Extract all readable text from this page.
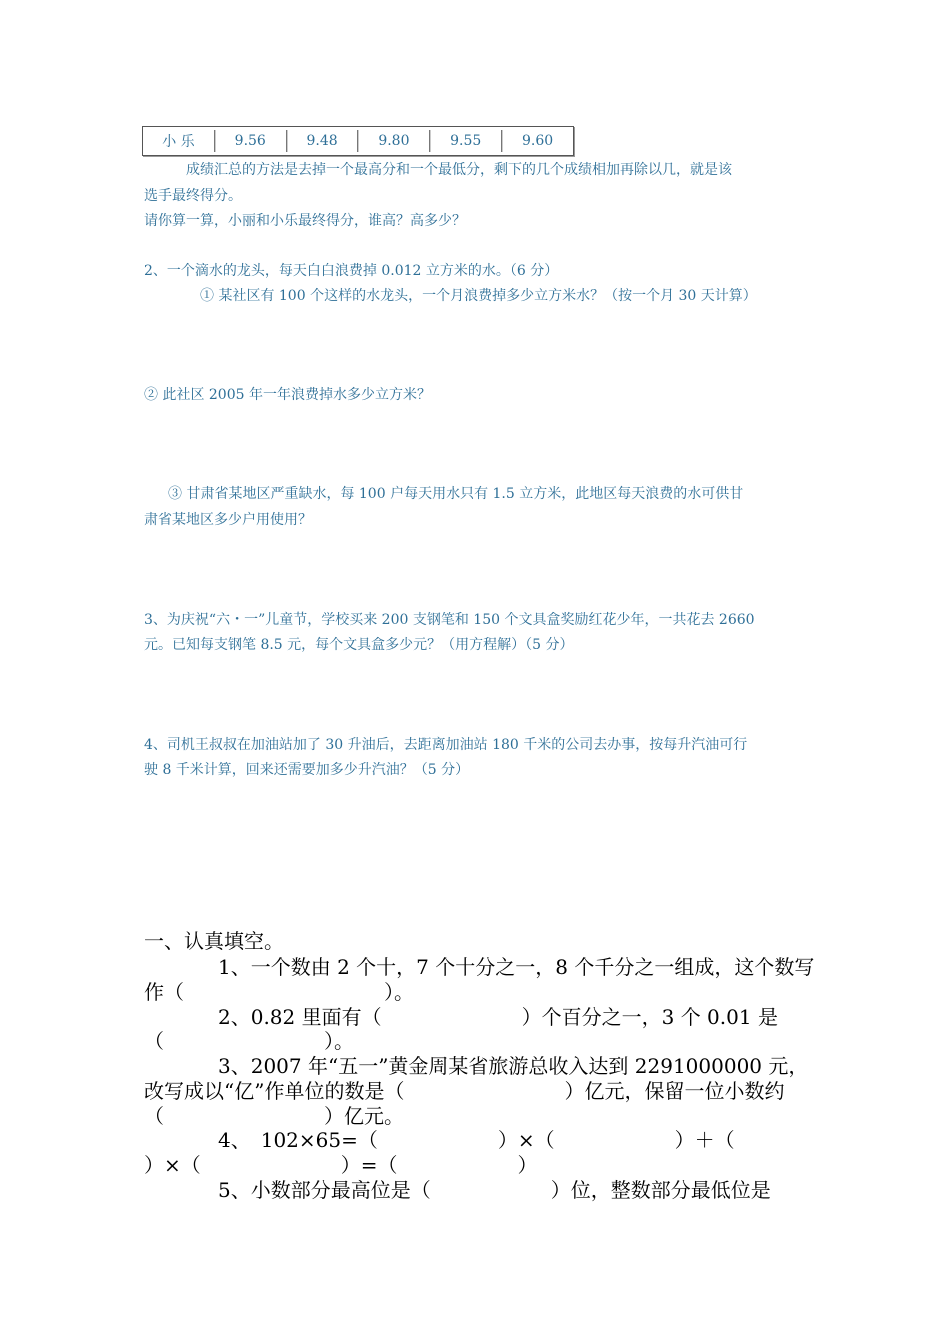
小 乐	9.56	9.48	9.80	9.55	9.60
成绩汇总的方法是去掉一个最高分和一个最低分，剩下的几个成绩相加再除以几，就是该
选手最终得分。
请你算一算，小丽和小乐最终得分，谁高？高多少？
2、一个滴水的龙头，每天白白浪费掉 0.012 立方米的水。（6 分）
① 某社区有 100 个这样的水龙头，一个月浪费掉多少立方米水？（按一个月 30 天计算）
② 此社区 2005 年一年浪费掉水多少立方米？
③ 甘肃省某地区严重缺水，每 100 户每天用水只有 1.5 立方米，此地区每天浪费的水可供甘
肃省某地区多少户用使用？
3、为庆祝“六・一”儿童节，学校买来 200 支钢笔和 150 个文具盒奖励红花少年，一共花去 2660
元。已知每支钢笔 8.5 元，每个文具盒多少元？（用方程解）（5 分）
4、司机王叔叔在加油站加了 30 升油后，去距离加油站 180 千米的公司去办事，按每升汽油可行
驶 8 千米计算，回来还需要加多少升汽油？（5 分）
一、认真填空。
1、一个数由 2 个十，7 个十分之一，8 个千分之一组成，这个数写
作（　　　　　　　　　　）。
2、0.82 里面有（　　　　　　　）个百分之一，3 个 0.01 是
（　　　　　　　　）。
3、2007 年“五一”黄金周某省旅游总收入达到 2291000000 元，
改写成以“亿”作单位的数是（　　　　　　　　）亿元，保留一位小数约
（　　　　　　　　）亿元。
4、　102×65=（　　　　　　）×（　　　　　　）＋（
）×（　　　　　　　）=（　　　　　　）
5、小数部分最高位是（　　　　　　）位，整数部分最低位是
